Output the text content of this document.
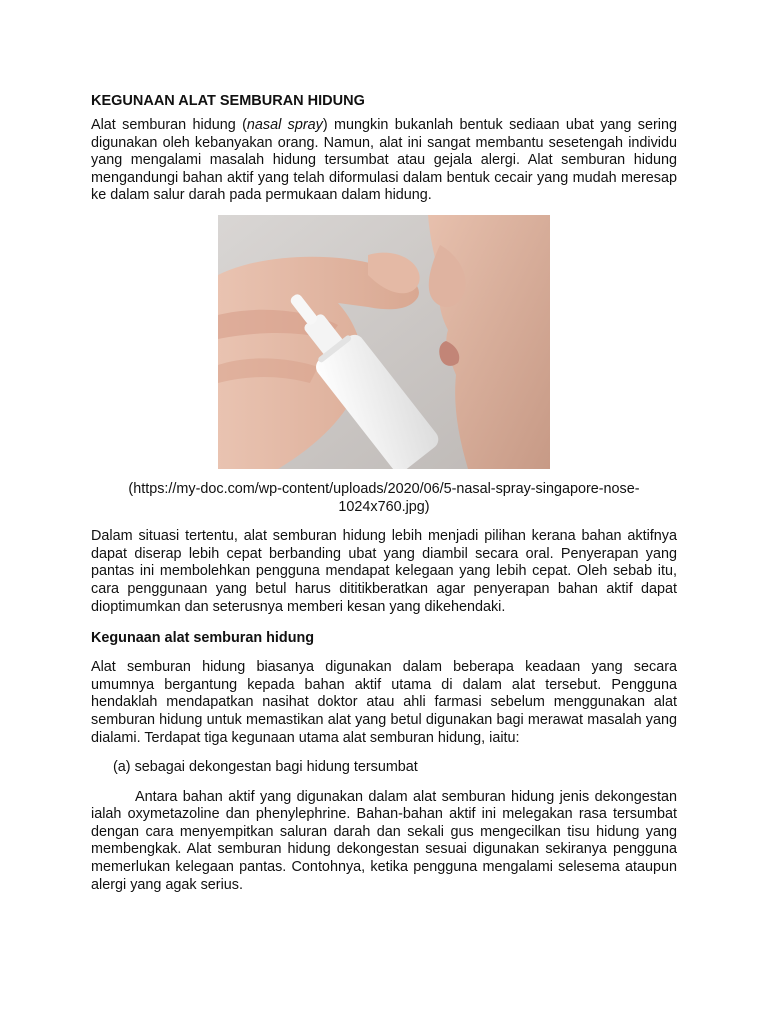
KEGUNAAN ALAT SEMBURAN HIDUNG

Alat semburan hidung (nasal spray) mungkin bukanlah bentuk sediaan ubat yang sering digunakan oleh kebanyakan orang. Namun, alat ini sangat membantu sesetengah individu yang mengalami masalah hidung tersumbat atau gejala alergi. Alat semburan hidung mengandungi bahan aktif yang telah diformulasi dalam bentuk cecair yang mudah meresap ke dalam salur darah pada permukaan dalam hidung.

(https://my-doc.com/wp-content/uploads/2020/06/5-nasal-spray-singapore-nose-1024x760.jpg)

Dalam situasi tertentu, alat semburan hidung lebih menjadi pilihan kerana bahan aktifnya dapat diserap lebih cepat berbanding ubat yang diambil secara oral. Penyerapan yang pantas ini membolehkan pengguna mendapat kelegaan yang lebih cepat. Oleh sebab itu, cara penggunaan yang betul harus dititikberatkan agar penyerapan bahan aktif dapat dioptimumkan dan seterusnya memberi kesan yang dikehendaki.

Kegunaan alat semburan hidung

Alat semburan hidung biasanya digunakan dalam beberapa keadaan yang secara umumnya bergantung kepada bahan aktif utama di dalam alat tersebut. Pengguna hendaklah mendapatkan nasihat doktor atau ahli farmasi sebelum menggunakan alat semburan hidung untuk memastikan alat yang betul digunakan bagi merawat masalah yang dialami. Terdapat tiga kegunaan utama alat semburan hidung, iaitu:

(a) sebagai dekongestan bagi hidung tersumbat

Antara bahan aktif yang digunakan dalam alat semburan hidung jenis dekongestan ialah oxymetazoline dan phenylephrine. Bahan-bahan aktif ini melegakan rasa tersumbat dengan cara menyempitkan saluran darah dan sekali gus mengecilkan tisu hidung yang membengkak. Alat semburan hidung dekongestan sesuai digunakan sekiranya pengguna memerlukan kelegaan pantas. Contohnya, ketika pengguna mengalami selesema ataupun alergi yang agak serius.
